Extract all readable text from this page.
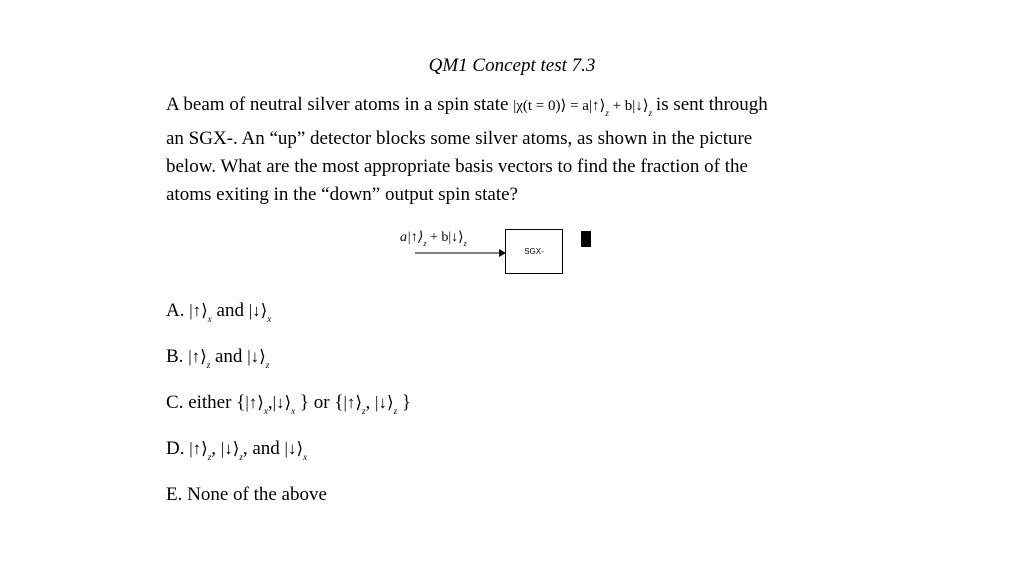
QM1 Concept test 7.3
A beam of neutral silver atoms in a spin state |χ(t = 0)⟩ = $a|↑⟩_z$ + $b|↓⟩_z$ is sent through
an SGX-. An “up” detector blocks some silver atoms, as shown in the picture
below. What are the most appropriate basis vectors to find the fraction of the
atoms exiting in the “down” output spin state?
$a|↑⟩_z$ + $b|↓⟩_z$
SGX-
A. $|↑⟩_x$ and $|↓⟩_x$
B. $|↑⟩_z$ and $|↓⟩_z$
C. either {$|↑⟩_x,|↓⟩_x$ } or {$|↑⟩_z$, $|↓⟩_z$ }
D. $|↑⟩_z$, $|↓⟩_z$, and $|↓⟩_x$
E. None of the above
